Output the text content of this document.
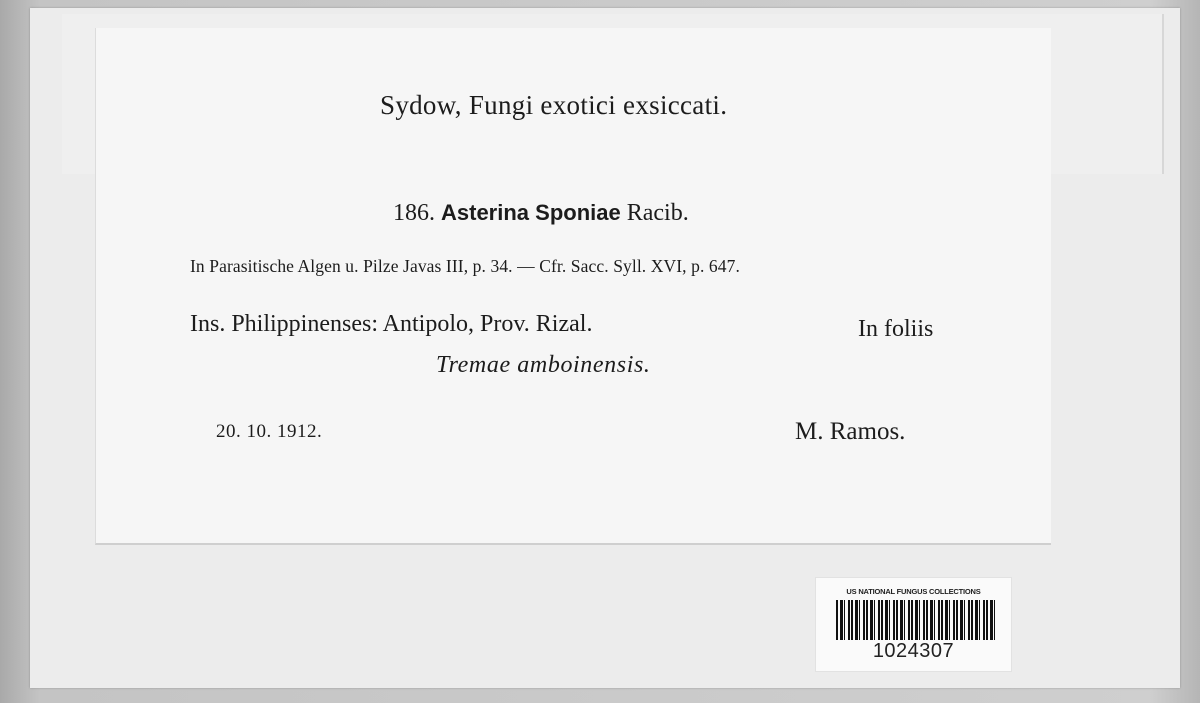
Sydow, Fungi exotici exsiccati.
186. Asterina Sponiae Racib.
In Parasitische Algen u. Pilze Javas III, p. 34. — Cfr. Sacc. Syll. XVI, p. 647.
Ins. Philippinenses: Antipolo, Prov. Rizal.	In foliis
Tremae amboinensis.
20. 10. 1912.	M. Ramos.
US NATIONAL FUNGUS COLLECTIONS
1024307
